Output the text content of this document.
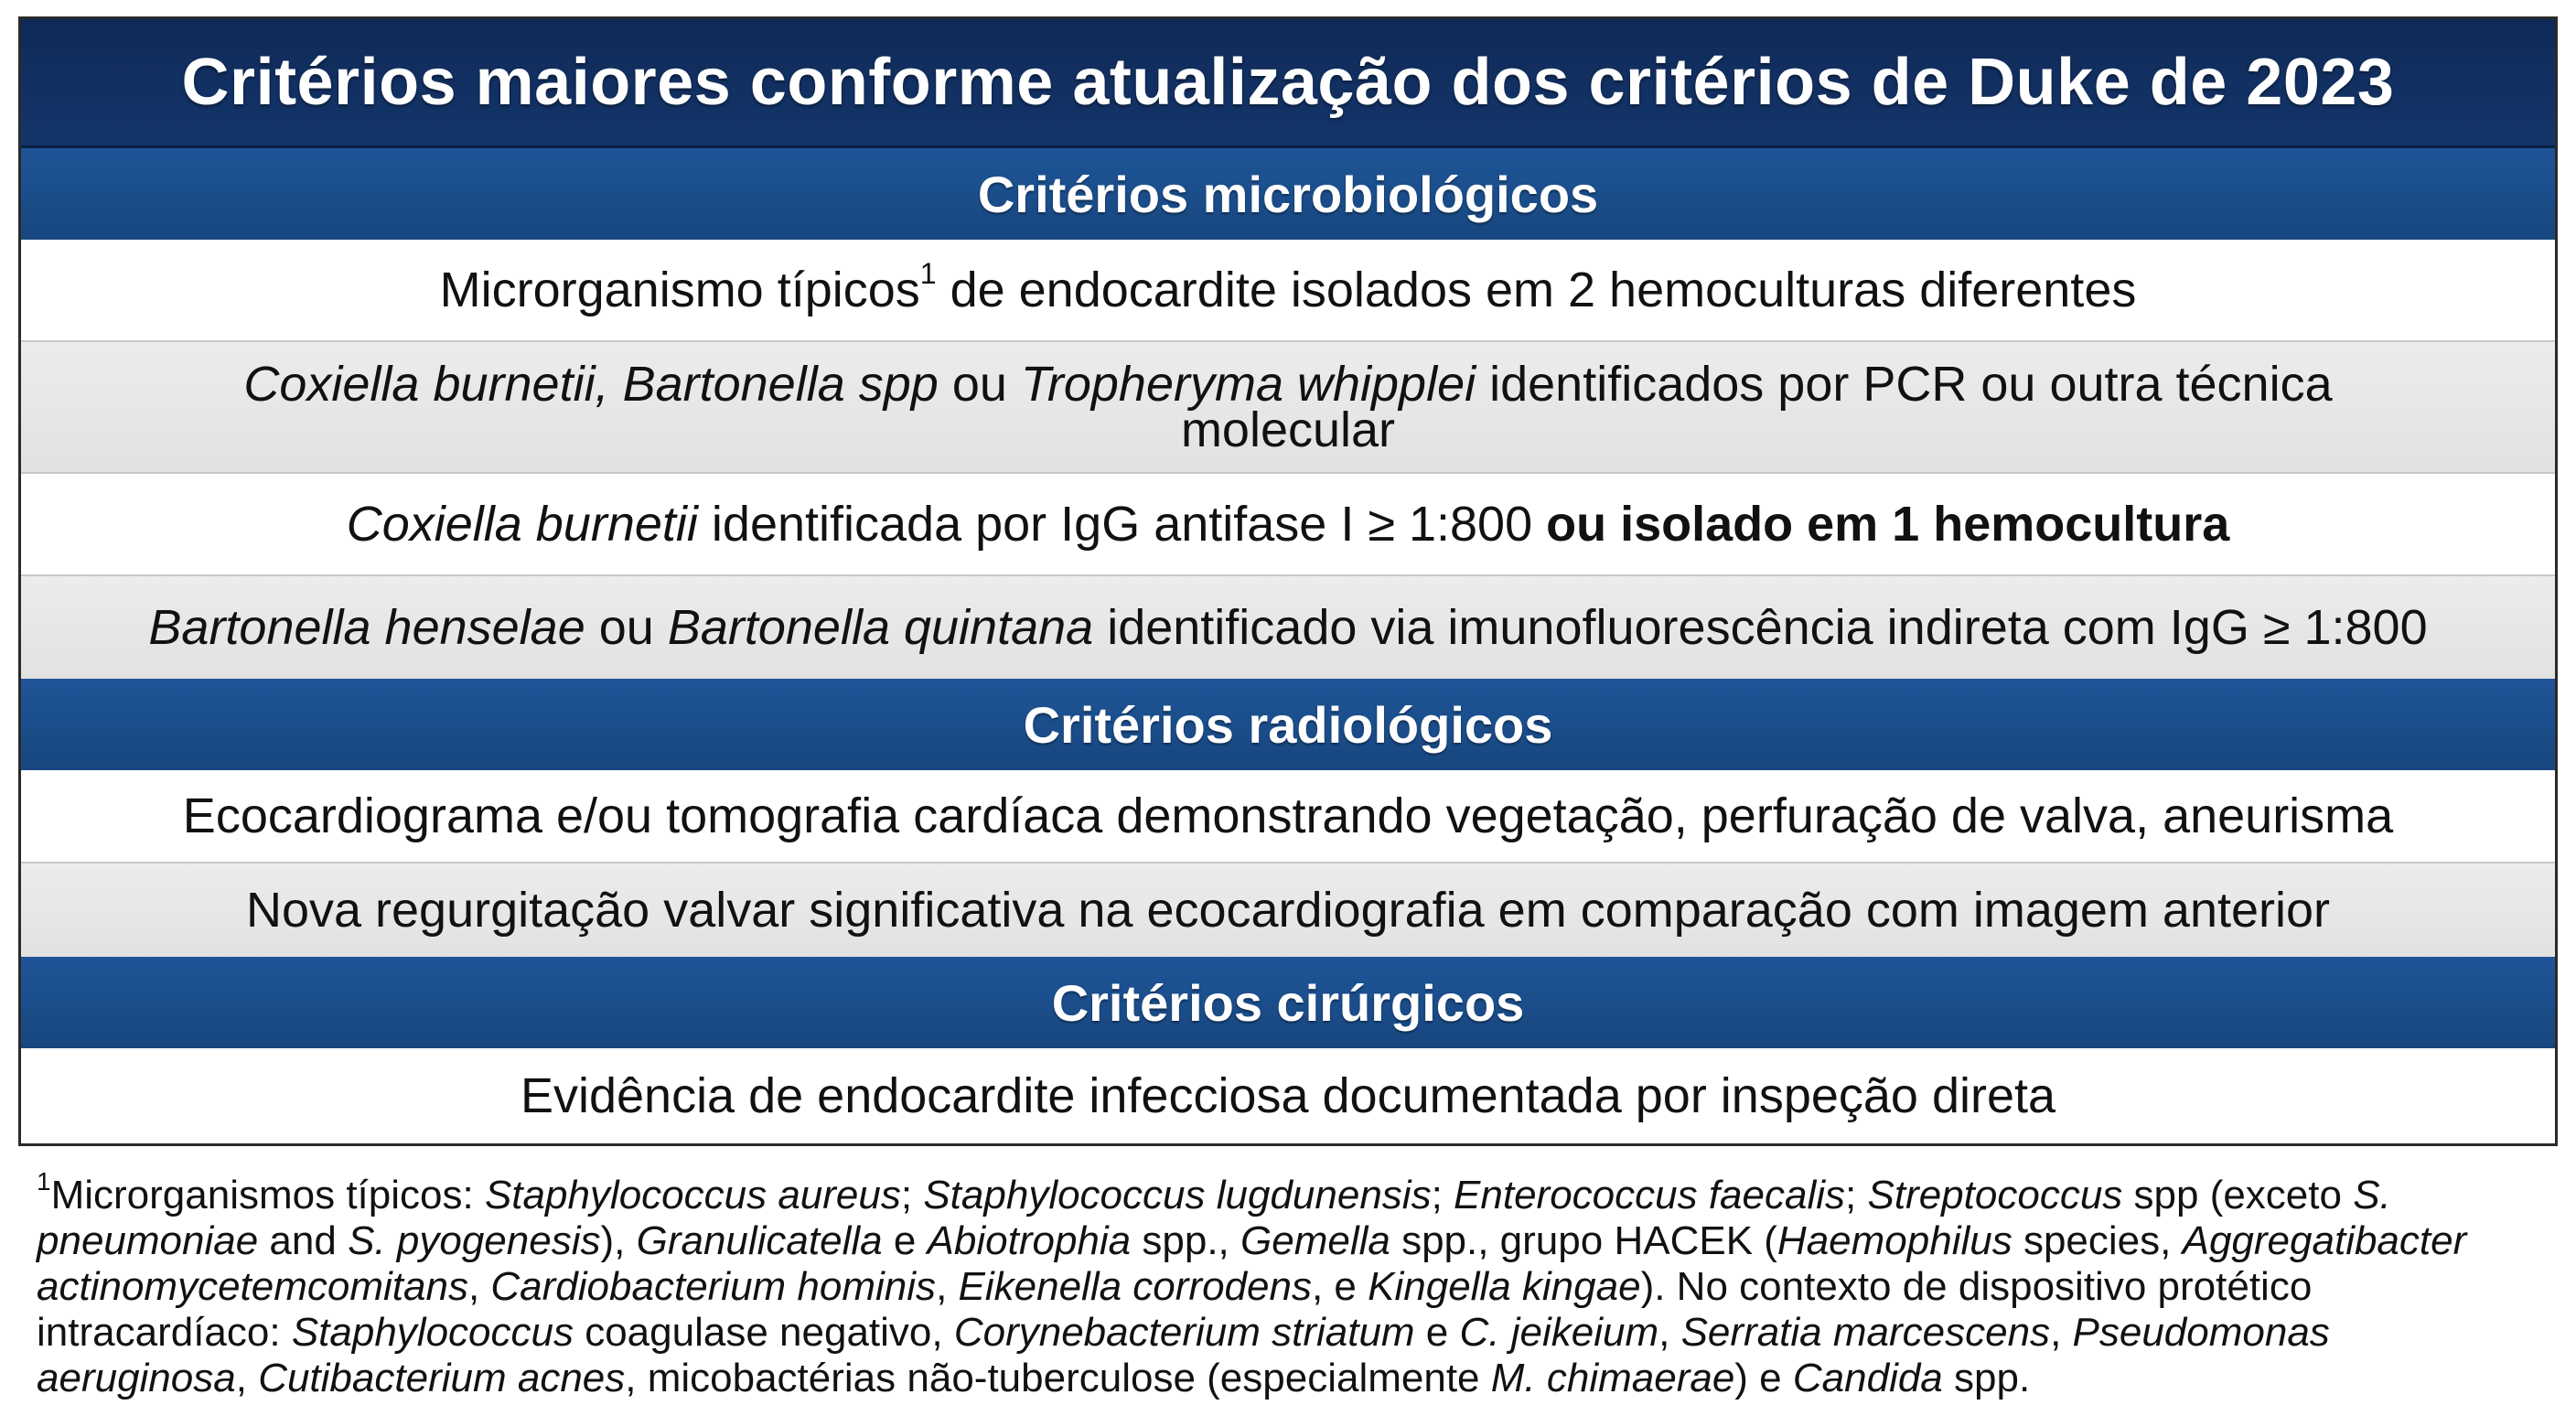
Critérios maiores conforme atualização dos critérios de Duke de 2023
Critérios microbiológicos
Microrganismo típicos$^1$ de endocardite isolados em 2 hemoculturas diferentes
Coxiella burnetii, Bartonella spp ou Tropheryma whipplei identificados por PCR ou outra técnica molecular
Coxiella burnetii identificada por IgG antifase I ≥ 1:800 ou isolado em 1 hemocultura
Bartonella henselae ou Bartonella quintana identificado via imunofluorescência indireta com IgG ≥ 1:800
Critérios radiológicos
Ecocardiograma e/ou tomografia cardíaca demonstrando vegetação, perfuração de valva, aneurisma
Nova regurgitação valvar significativa na ecocardiografia em comparação com imagem anterior
Critérios cirúrgicos
Evidência de endocardite infecciosa documentada por inspeção direta
$^1$Microrganismos típicos: Staphylococcus aureus; Staphylococcus lugdunensis; Enterococcus faecalis; Streptococcus spp (exceto S. pneumoniae and S. pyogenesis), Granulicatella e Abiotrophia spp., Gemella spp., grupo HACEK (Haemophilus species, Aggregatibacter actinomycetemcomitans, Cardiobacterium hominis, Eikenella corrodens, e Kingella kingae). No contexto de dispositivo protético intracardíaco: Staphylococcus coagulase negativo, Corynebacterium striatum e C. jeikeium, Serratia marcescens, Pseudomonas aeruginosa, Cutibacterium acnes, micobactérias não-tuberculose (especialmente M. chimaerae) e Candida spp.
